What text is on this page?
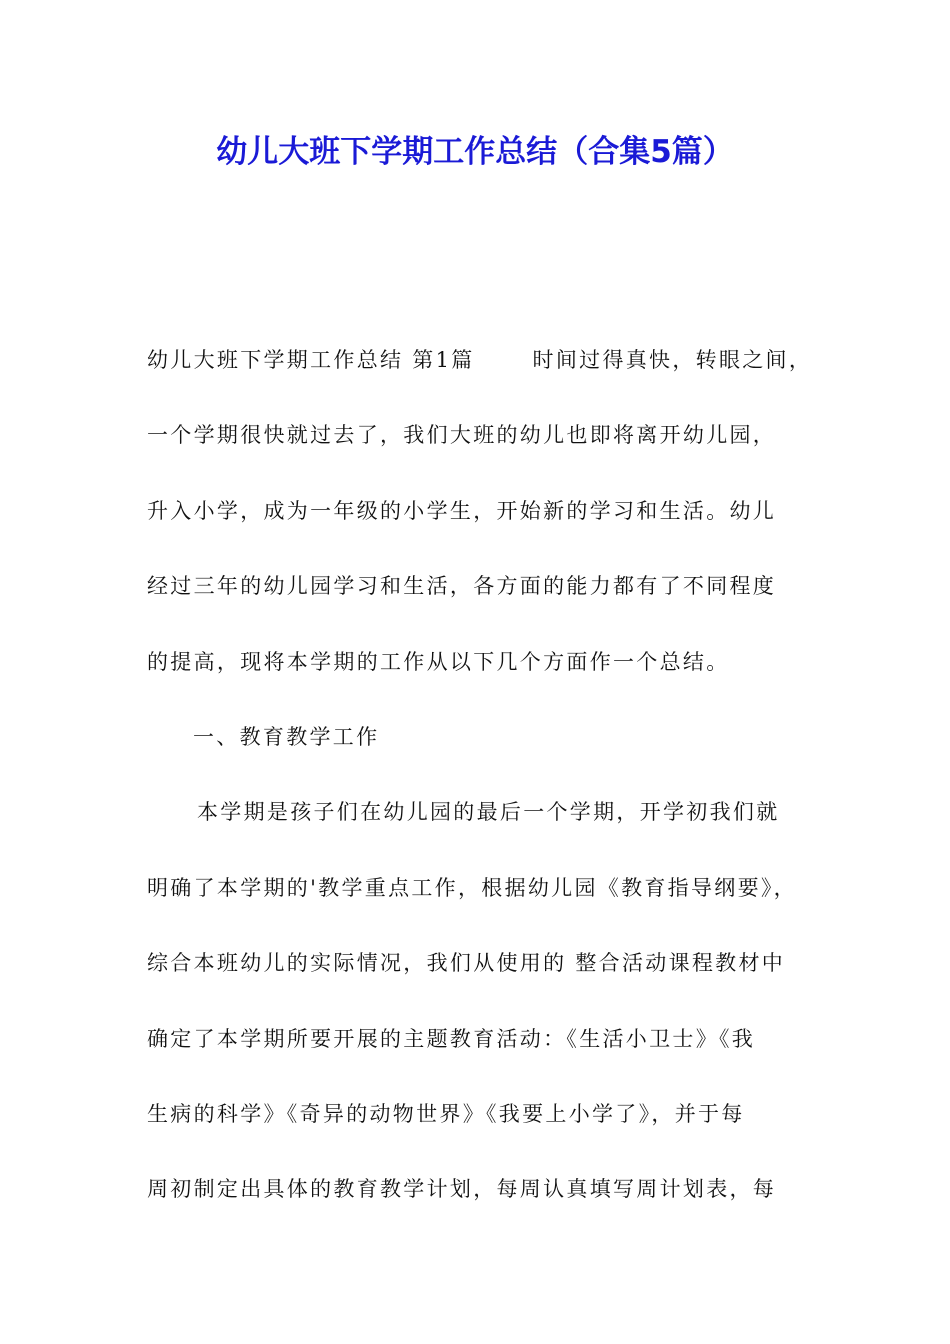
幼儿大班下学期工作总结（合集5篇）
幼儿大班下学期工作总结 第1篇	时间过得真快，转眼之间，
一个学期很快就过去了，我们大班的幼儿也即将离开幼儿园，
升入小学，成为一年级的小学生，开始新的学习和生活。幼儿
经过三年的幼儿园学习和生活，各方面的能力都有了不同程度
的提高，现将本学期的工作从以下几个方面作一个总结。
一、教育教学工作
本学期是孩子们在幼儿园的最后一个学期，开学初我们就
明确了本学期的'教学重点工作，根据幼儿园《教育指导纲要》，
综合本班幼儿的实际情况，我们从使用的 整合活动课程教材中
确定了本学期所要开展的主题教育活动：《生活小卫士》《我
生病的科学》《奇异的动物世界》《我要上小学了》，并于每
周初制定出具体的教育教学计划，每周认真填写周计划表，每
